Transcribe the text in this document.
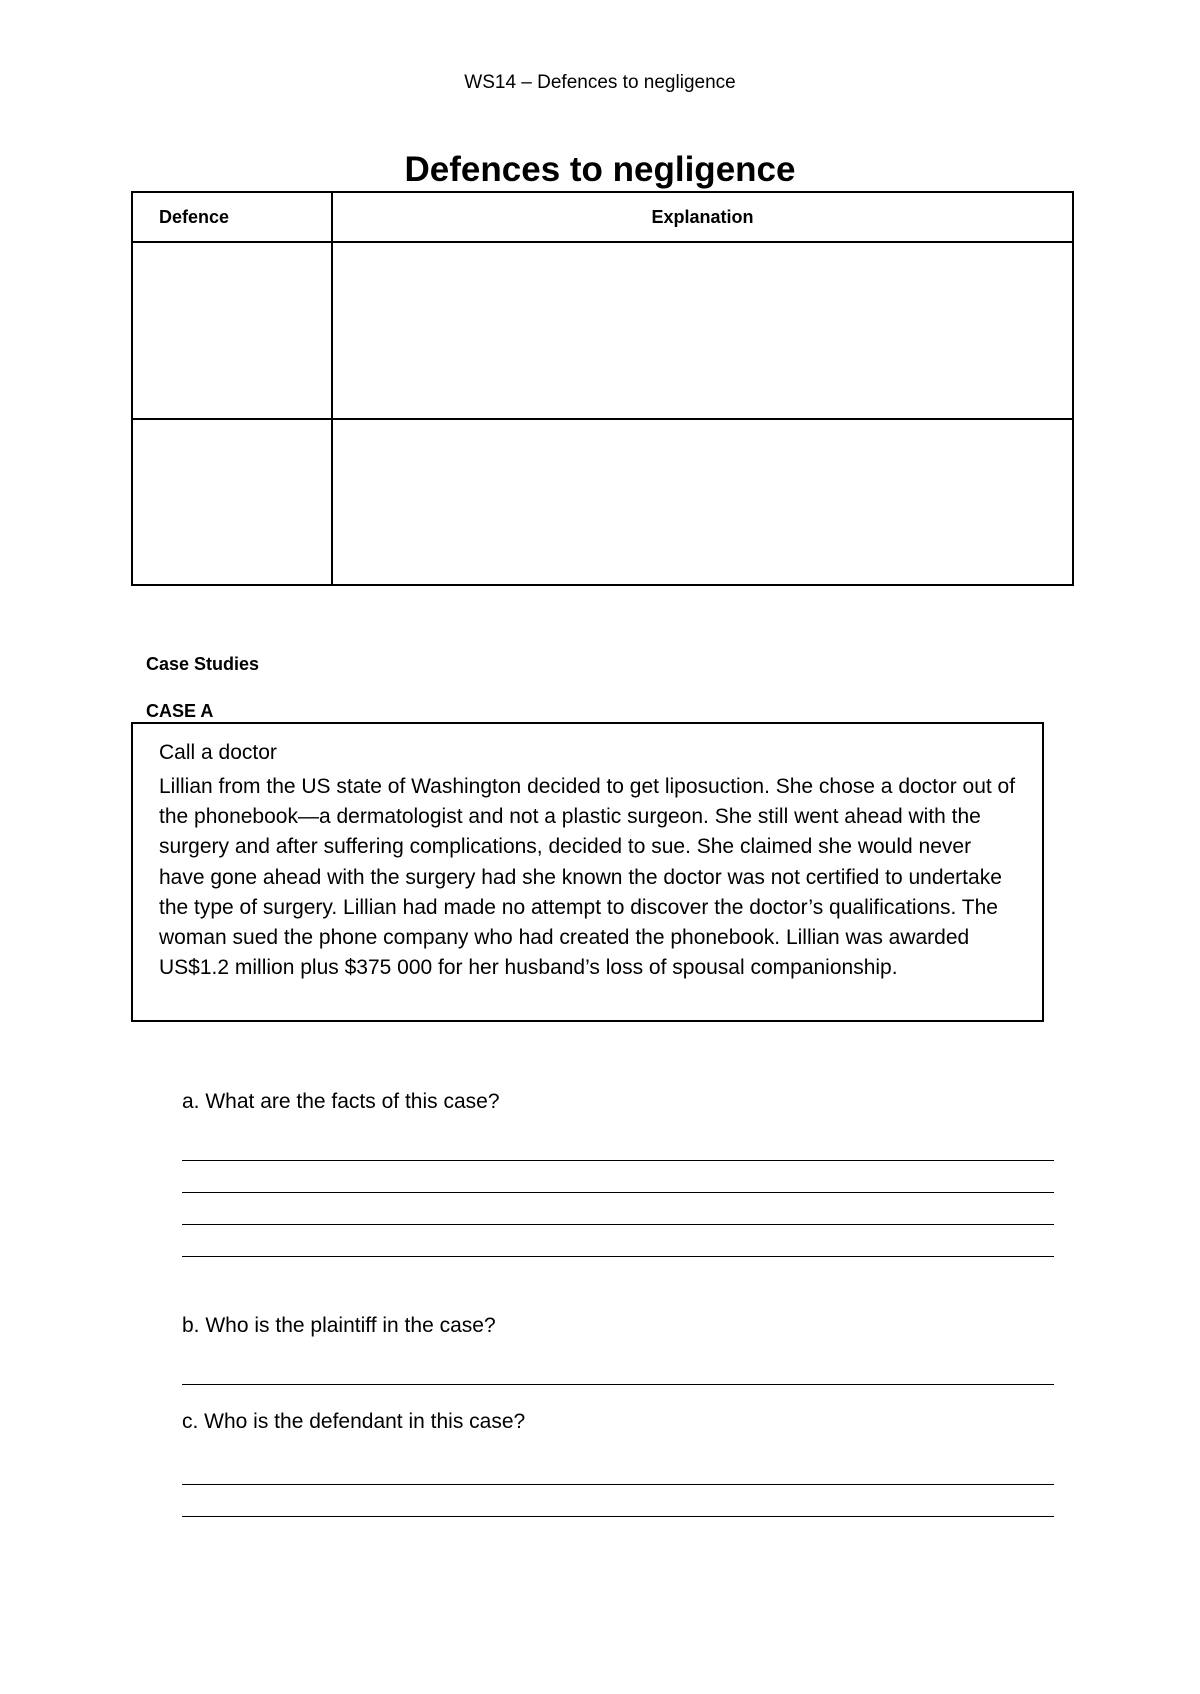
WS14 – Defences to negligence
Defences to negligence
Defence	Explanation

Case Studies
CASE A
Call a doctor
Lillian from the US state of Washington decided to get liposuction. She chose a doctor out of the phonebook—a dermatologist and not a plastic surgeon. She still went ahead with the surgery and after suffering complications, decided to sue. She claimed she would never have gone ahead with the surgery had she known the doctor was not certified to undertake the type of surgery. Lillian had made no attempt to discover the doctor’s qualifications. The woman sued the phone company who had created the phonebook. Lillian was awarded US$1.2 million plus $375 000 for her husband’s loss of spousal companionship.
a. What are the facts of this case?
b. Who is the plaintiff in the case?
c. Who is the defendant in this case?
